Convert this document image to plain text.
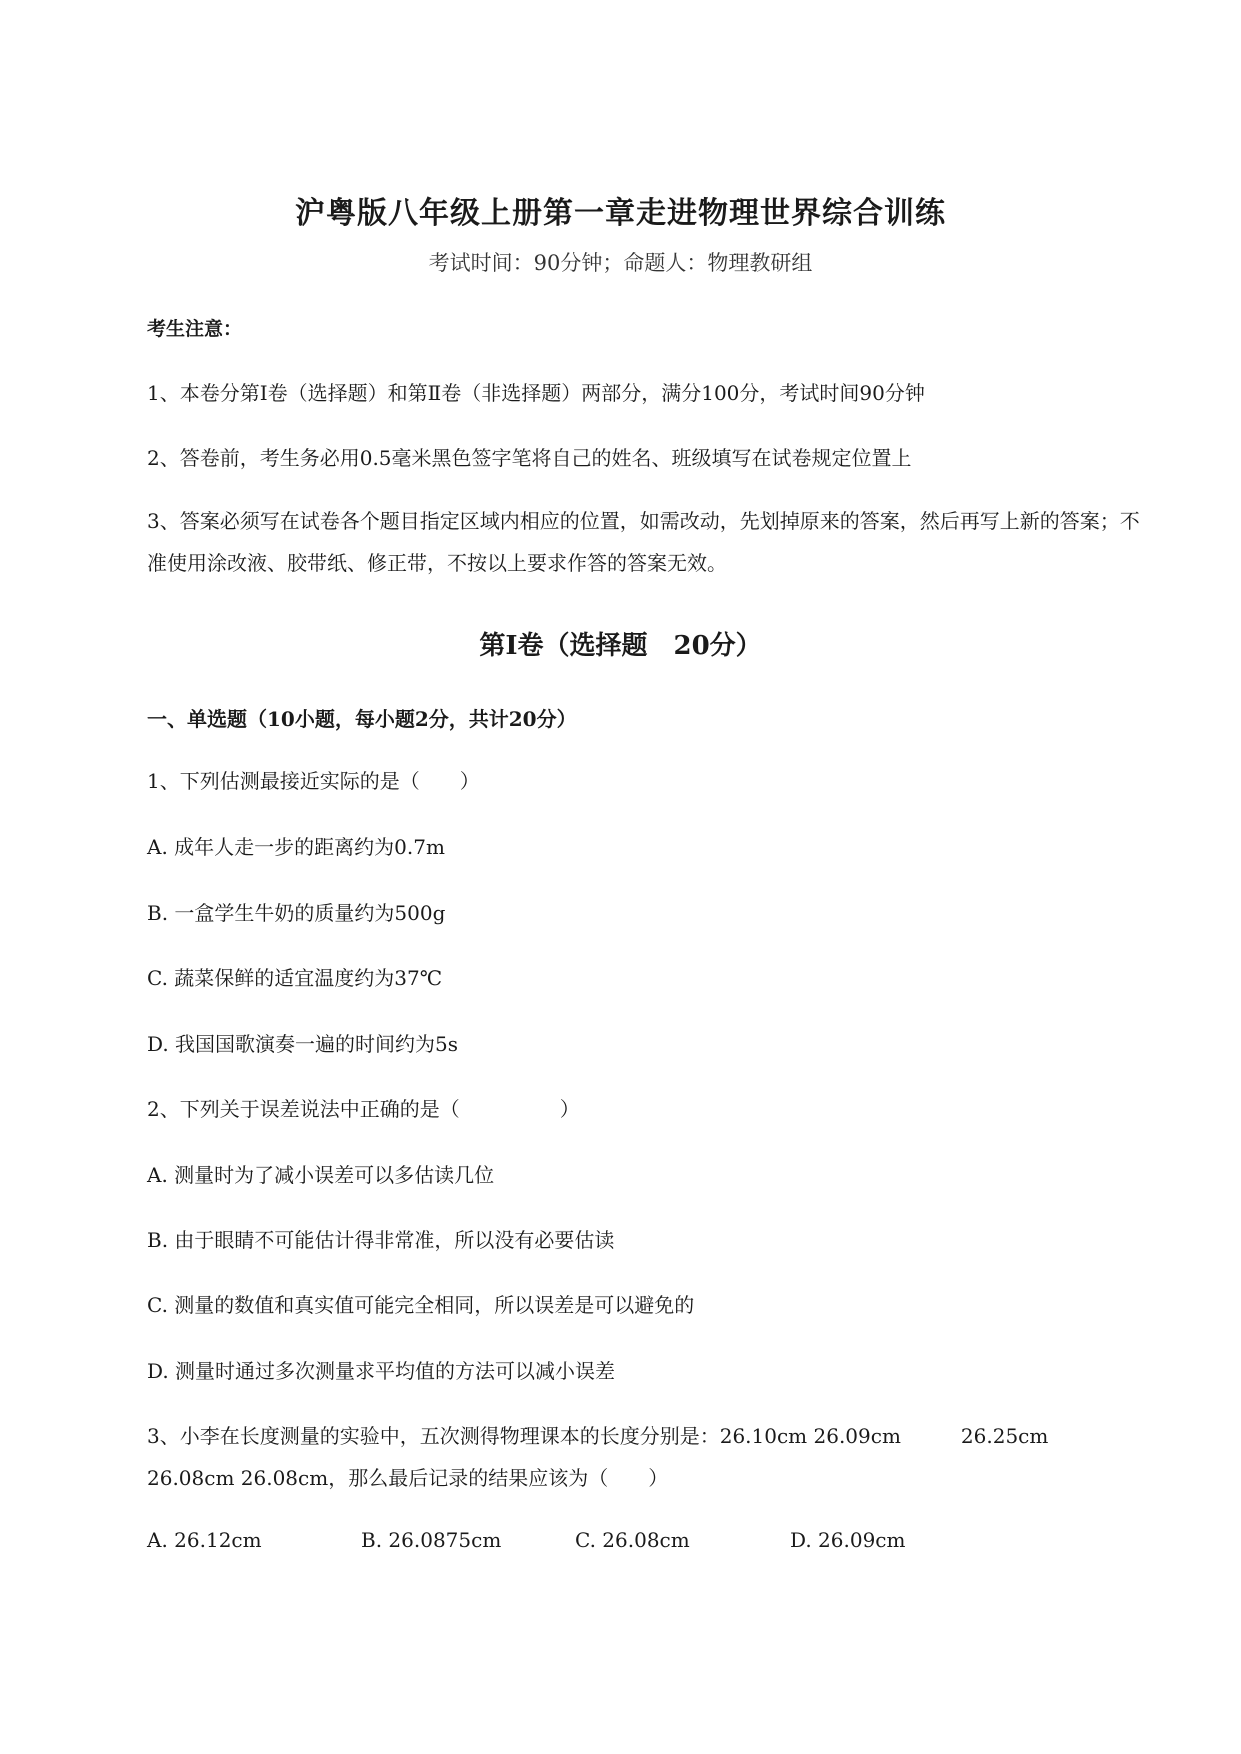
沪粤版八年级上册第一章走进物理世界综合训练
考试时间：90分钟；命题人：物理教研组
考生注意：
1、本卷分第I卷（选择题）和第Ⅱ卷（非选择题）两部分，满分100分，考试时间90分钟
2、答卷前，考生务必用0.5毫米黑色签字笔将自己的姓名、班级填写在试卷规定位置上
3、答案必须写在试卷各个题目指定区域内相应的位置，如需改动，先划掉原来的答案，然后再写上新的答案；不准使用涂改液、胶带纸、修正带，不按以上要求作答的答案无效。
第I卷（选择题　20分）
一、单选题（10小题，每小题2分，共计20分）
1、下列估测最接近实际的是（　　）
A. 成年人走一步的距离约为0.7m
B. 一盒学生牛奶的质量约为500g
C. 蔬菜保鲜的适宜温度约为37℃
D. 我国国歌演奏一遍的时间约为5s
2、下列关于误差说法中正确的是（　　　　　）
A. 测量时为了减小误差可以多估读几位
B. 由于眼睛不可能估计得非常准，所以没有必要估读
C. 测量的数值和真实值可能完全相同，所以误差是可以避免的
D. 测量时通过多次测量求平均值的方法可以减小误差
3、小李在长度测量的实验中，五次测得物理课本的长度分别是：26.10cm 26.09cm　　　26.25cm
26.08cm 26.08cm，那么最后记录的结果应该为（　　）
A. 26.12cm	B. 26.0875cm	C. 26.08cm	D. 26.09cm
